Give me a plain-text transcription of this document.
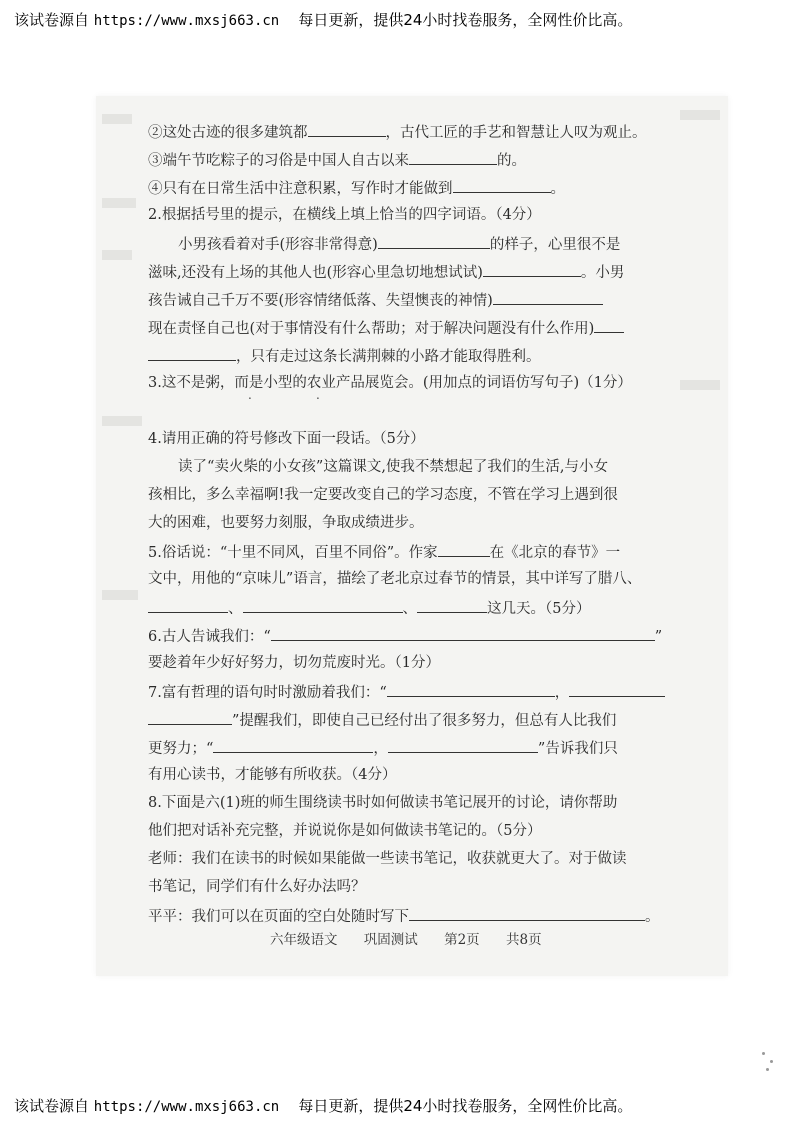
该试卷源自 https://www.mxsj663.cn 每日更新，提供24小时找卷服务，全网性价比高。
②这处古迹的很多建筑都	，古代工匠的手艺和智慧让人叹为观止。
③端午节吃粽子的习俗是中国人自古以来	的。
④只有在日常生活中注意积累，写作时才能做到	。
2.根据括号里的提示，在横线上填上恰当的四字词语。（4分）
小男孩看着对手(形容非常得意)	的样子，心里很不是
滋味,还没有上场的其他人也(形容心里急切地想试试)	。小男
孩告诫自己千万不要(形容情绪低落、失望懊丧的神情)
现在责怪自己也(对于事情没有什么帮助；对于解决问题没有什么作用)
，只有走过这条长满荆棘的小路才能取得胜利。
3.这不是粥，而是小型的农业产品展览会。(用加点的词语仿写句子)（1分）
.	.
4.请用正确的符号修改下面一段话。（5分）
读了“卖火柴的小女孩”这篇课文,使我不禁想起了我们的生活,与小女
孩相比，多么幸福啊!我一定要改变自己的学习态度，不管在学习上遇到很
大的困难，也要努力刻服，争取成绩进步。
5.俗话说：“十里不同风，百里不同俗”。作家	在《北京的春节》一
文中，用他的“京味儿”语言，描绘了老北京过春节的情景，其中详写了腊八、
、	、	这几天。（5分）
6.古人告诫我们：“	”
要趁着年少好好努力，切勿荒废时光。（1分）
7.富有哲理的语句时时激励着我们：“	，
”提醒我们，即使自己已经付出了很多努力，但总有人比我们
更努力；“	，	”告诉我们只
有用心读书，才能够有所收获。（4分）
8.下面是六(1)班的师生围绕读书时如何做读书笔记展开的讨论，请你帮助
他们把对话补充完整，并说说你是如何做读书笔记的。（5分）
老师：我们在读书的时候如果能做一些读书笔记，收获就更大了。对于做读
书笔记，同学们有什么好办法吗？
平平：我们可以在页面的空白处随时写下	。
六年级语文 巩固测试 第2页 共8页
该试卷源自 https://www.mxsj663.cn 每日更新，提供24小时找卷服务，全网性价比高。
